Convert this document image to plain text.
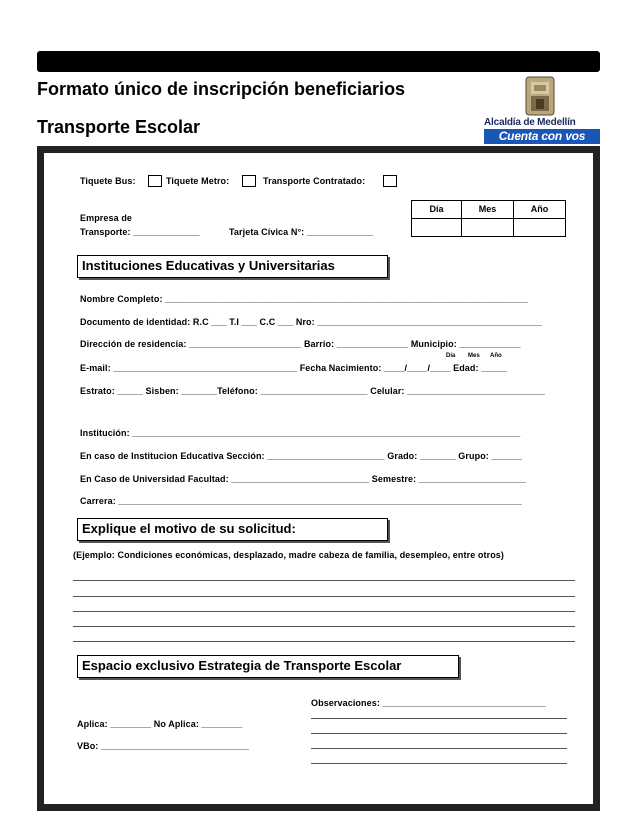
Formato único de inscripción beneficiarios
Transporte Escolar	Alcaldía de Medellín
Cuenta con vos
Tiquete Bus:	Tiquete Metro:	Transporte Contratado:
Empresa de
Transporte: _____________	Tarjeta Cívica N°: _____________
Día	Mes	Año
Instituciones Educativas y Universitarias
Nombre Completo: _______________________________________________________________________
Documento de identidad: R.C ___ T.I ___ C.C ___ Nro: ____________________________________________
Dirección de residencia: ______________________ Barrio: ______________ Municipio: ____________
Día Mes Año
E-mail: ____________________________________ Fecha Nacimiento: ____/____/____ Edad: _____
Estrato: _____ Sisben: _______Teléfono: _____________________ Celular: ___________________________
Institución: ____________________________________________________________________________
En caso de Institucion Educativa Sección: _______________________ Grado: _______ Grupo: ______
En Caso de Universidad Facultad: ___________________________ Semestre: _____________________
Carrera: _______________________________________________________________________________
Explique el motivo de su solicitud:
(Ejemplo: Condiciones económicas, desplazado, madre cabeza de familia, desempleo, entre otros)
Espacio exclusivo Estrategia de Transporte Escolar
Observaciones: ________________________________
Aplica: ________ No Aplica: ________
VBo: _____________________________
